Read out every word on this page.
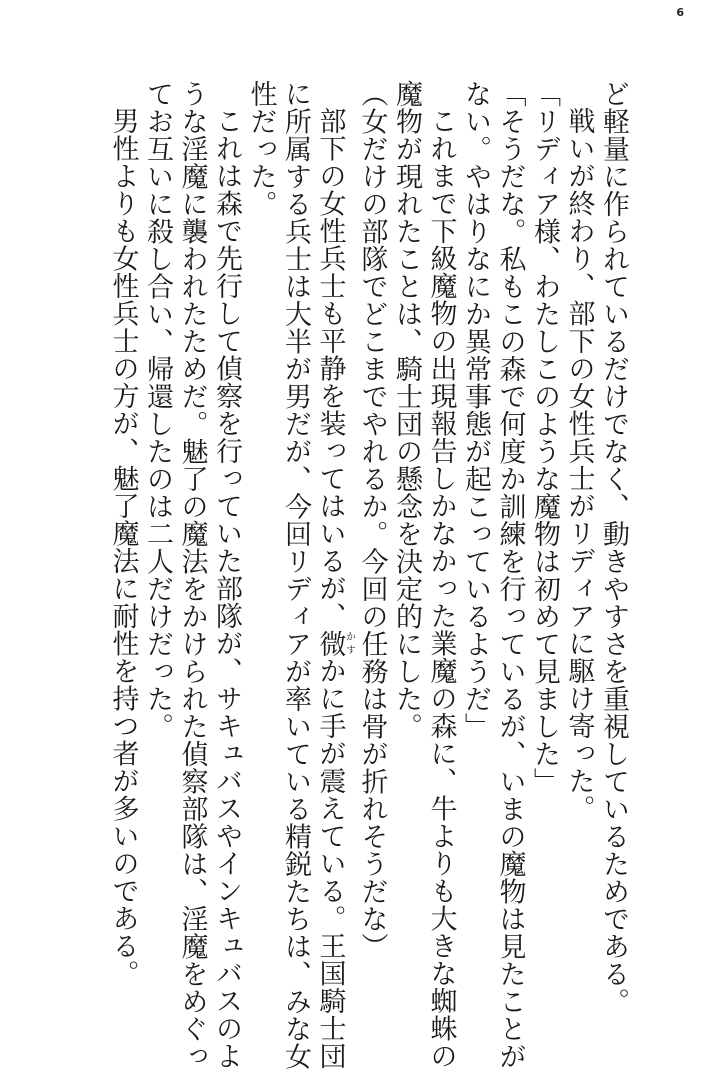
6

ど軽量に作られているだけでなく、動きやすさを重視しているためである。

戦いが終わり、部下の女性兵士がリディアに駆け寄った。

「リディア様、わたしこのような魔物は初めて見ました」

「そうだな。私もこの森で何度か訓練を行っているが、いまの魔物は見たことが

ない。やはりなにか異常事態が起こっているようだ」

これまで下級魔物の出現報告しかなかった業魔の森に、牛よりも大きな蜘蛛の

魔物が現れたことは、騎士団の懸念を決定的にした。

（女だけの部隊でどこまでやれるか。今回の任務は骨が折れそうだな）

部下の女性兵士も平静を装ってはいるが、微かすかに手が震えている。王国騎士団

に所属する兵士は大半が男だが、今回リディアが率いている精鋭たちは、みな女

性だった。

これは森で先行して偵察を行っていた部隊が、サキュバスやインキュバスのよ

うな淫魔に襲われたためだ。魅了の魔法をかけられた偵察部隊は、淫魔をめぐっ

てお互いに殺し合い、帰還したのは二人だけだった。

男性よりも女性兵士の方が、魅了魔法に耐性を持つ者が多いのである。
